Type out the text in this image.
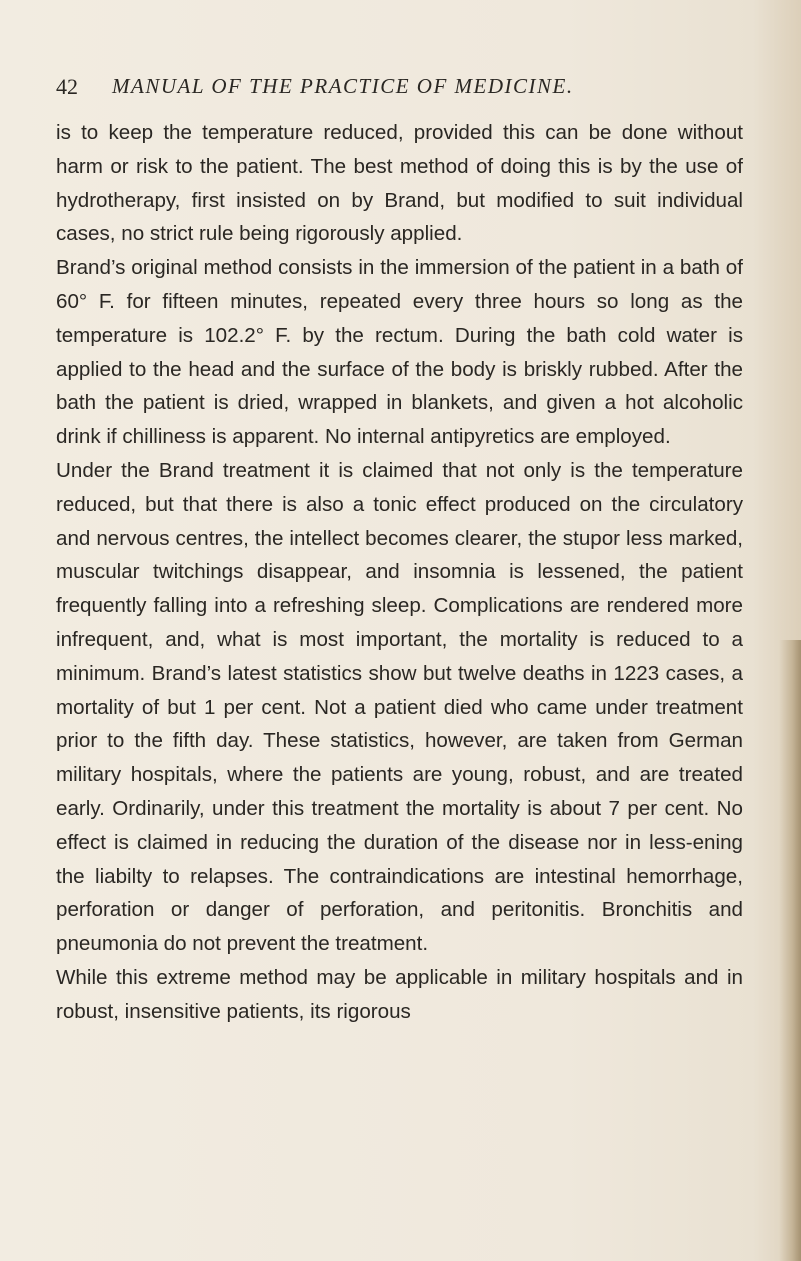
42 MANUAL OF THE PRACTICE OF MEDICINE.

is to keep the temperature reduced, provided this can be done without harm or risk to the patient. The best method of doing this is by the use of hydrotherapy, first insisted on by Brand, but modified to suit individual cases, no strict rule being rigorously applied.

Brand’s original method consists in the immersion of the patient in a bath of 60° F. for fifteen minutes, repeated every three hours so long as the temperature is 102.2° F. by the rectum. During the bath cold water is applied to the head and the surface of the body is briskly rubbed. After the bath the patient is dried, wrapped in blankets, and given a hot alcoholic drink if chilliness is apparent. No internal antipyretics are employed.

Under the Brand treatment it is claimed that not only is the temperature reduced, but that there is also a tonic effect produced on the circulatory and nervous centres, the intellect becomes clearer, the stupor less marked, muscular twitchings disappear, and insomnia is lessened, the patient frequently falling into a refreshing sleep. Complications are rendered more infrequent, and, what is most important, the mortality is reduced to a minimum. Brand’s latest statistics show but twelve deaths in 1223 cases, a mortality of but 1 per cent. Not a patient died who came under treatment prior to the fifth day. These statistics, however, are taken from German military hospitals, where the patients are young, robust, and are treated early. Ordinarily, under this treatment the mortality is about 7 per cent. No effect is claimed in reducing the duration of the disease nor in less-ening the liabilty to relapses. The contraindications are intestinal hemorrhage, perforation or danger of perforation, and peritonitis. Bronchitis and pneumonia do not prevent the treatment.

While this extreme method may be applicable in military hospitals and in robust, insensitive patients, its rigorous
